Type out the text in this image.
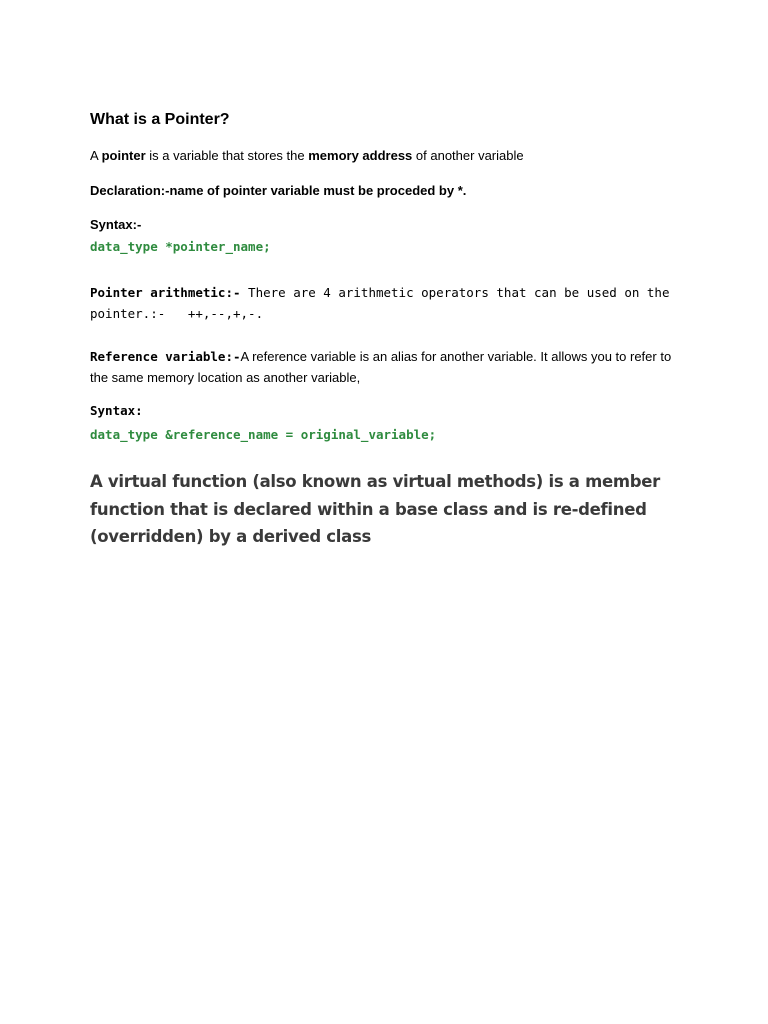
What is a Pointer?

A pointer is a variable that stores the memory address of another variable

Declaration:-name of pointer variable must be proceded by *.

Syntax:-

data_type *pointer_name;

Pointer arithmetic:- There are 4 arithmetic operators that can be used on the pointer.:-   ++,--,+,-.

Reference variable:-A reference variable is an alias for another variable. It allows you to refer to the same memory location as another variable,

Syntax:

data_type &reference_name = original_variable;

A virtual function (also known as virtual methods) is a member function that is declared within a base class and is re-defined (overridden) by a derived class
